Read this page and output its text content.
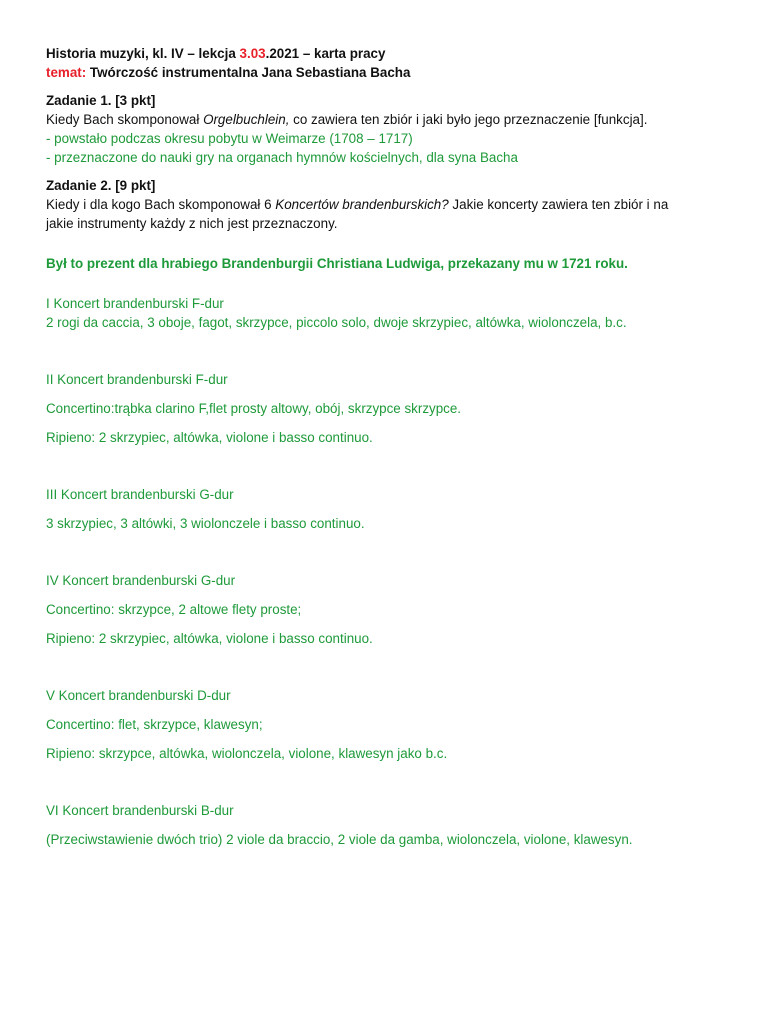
Historia muzyki, kl. IV – lekcja 3.03.2021 – karta pracy
temat: Twórczość instrumentalna Jana Sebastiana Bacha
Zadanie 1. [3 pkt]
Kiedy Bach skomponował Orgelbuchlein, co zawiera ten zbiór i jaki było jego przeznaczenie [funkcja].
- powstało podczas okresu pobytu w Weimarze (1708 – 1717)
- przeznaczone do nauki gry na organach hymnów kościelnych, dla syna Bacha
Zadanie 2. [9 pkt]
Kiedy i dla kogo Bach skomponował 6 Koncertów brandenburskich? Jakie koncerty zawiera ten zbiór i na
jakie instrumenty każdy z nich jest przeznaczony.
Był to prezent dla hrabiego Brandenburgii Christiana Ludwiga, przekazany mu w 1721 roku.
I Koncert brandenburski F-dur
2 rogi da caccia, 3 oboje, fagot, skrzypce, piccolo solo, dwoje skrzypiec, altówka, wiolonczela, b.c.
II Koncert brandenburski F-dur
Concertino:trąbka clarino F,flet prosty altowy, obój, skrzypce skrzypce.
Ripieno: 2 skrzypiec, altówka, violone i basso continuo.
III Koncert brandenburski G-dur
3 skrzypiec, 3 altówki, 3 wiolonczele i basso continuo.
IV Koncert brandenburski G-dur
Concertino: skrzypce, 2 altowe flety proste;
Ripieno: 2 skrzypiec, altówka, violone i basso continuo.
V Koncert brandenburski D-dur
Concertino: flet, skrzypce, klawesyn;
Ripieno: skrzypce, altówka, wiolonczela, violone, klawesyn jako b.c.
VI Koncert brandenburski B-dur
(Przeciwstawienie dwóch trio) 2 viole da braccio, 2 viole da gamba, wiolonczela, violone, klawesyn.
